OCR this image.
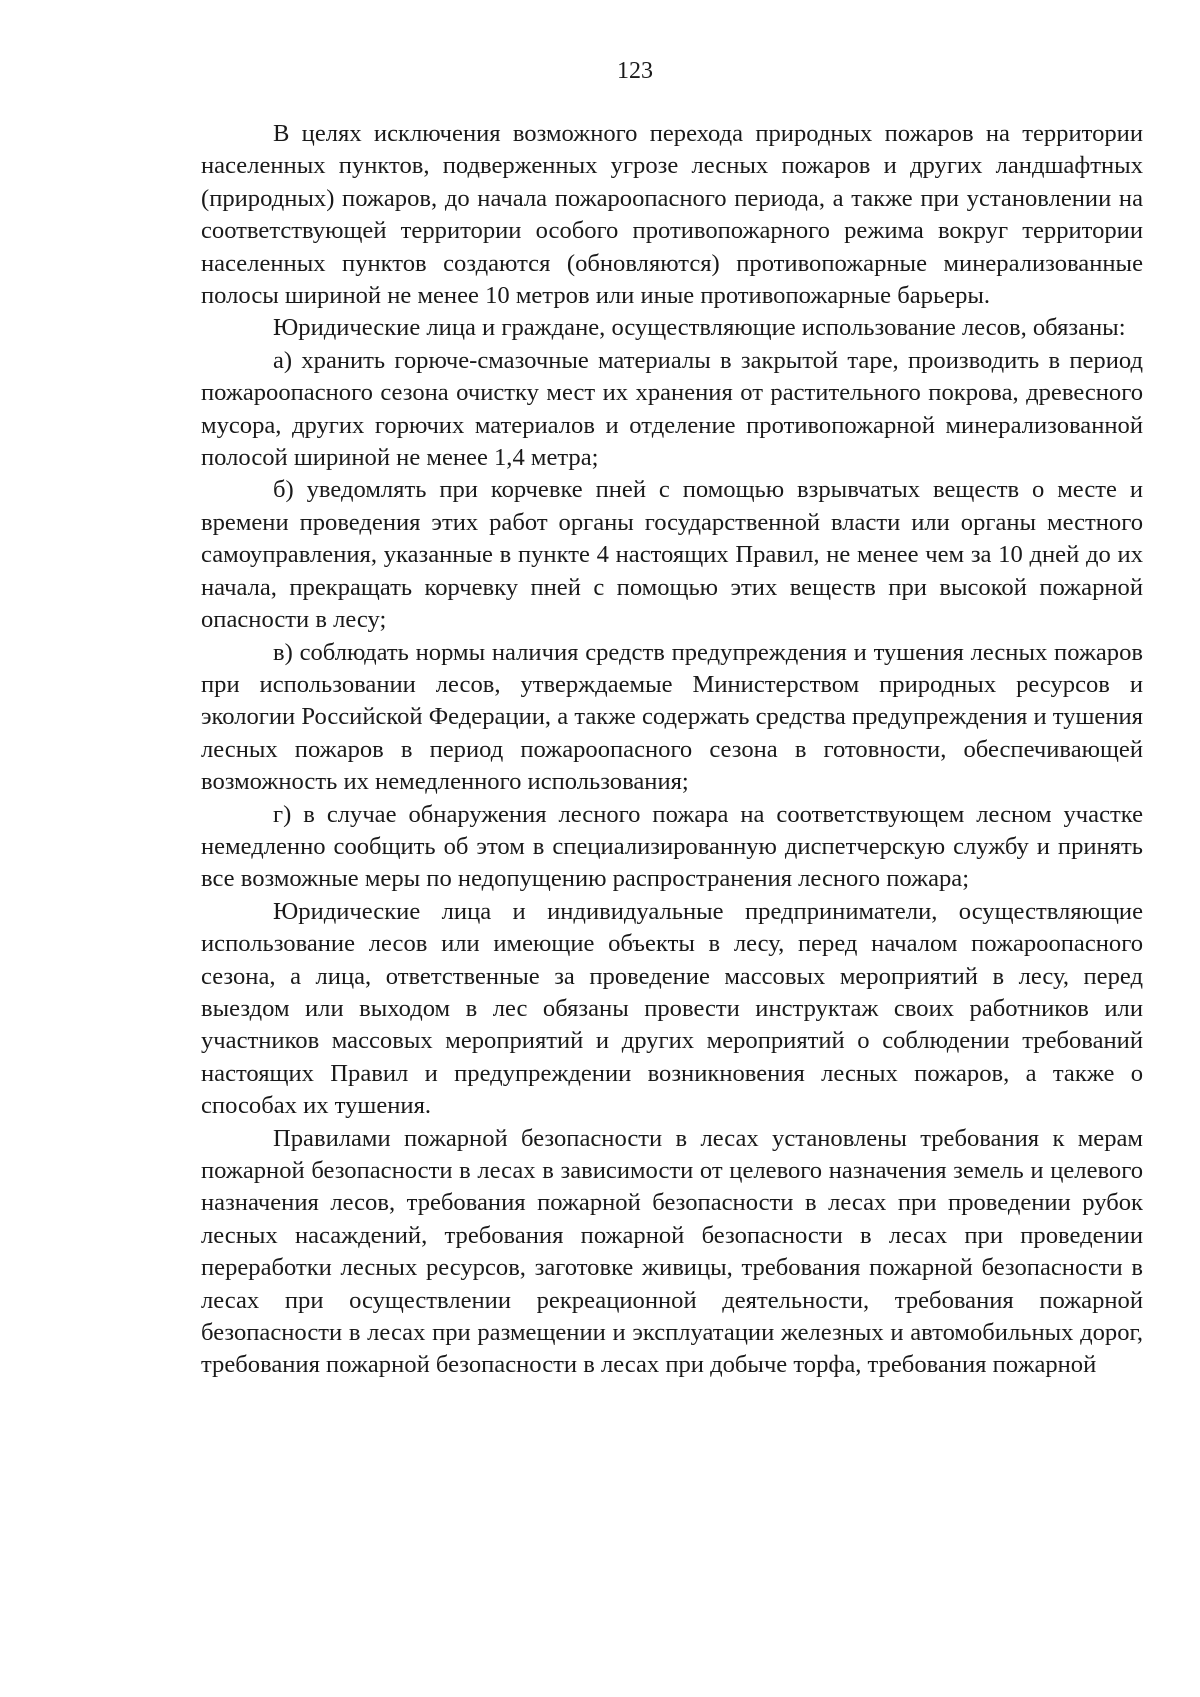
123

В целях исключения возможного перехода природных пожаров на территории населенных пунктов, подверженных угрозе лесных пожаров и других ландшафтных (природных) пожаров, до начала пожароопасного периода, а также при установлении на соответствующей территории особого противопожарного режима вокруг территории населенных пунктов создаются (обновляются) противопожарные минерализованные полосы шириной не менее 10 метров или иные противопожарные барьеры.

Юридические лица и граждане, осуществляющие использование лесов, обязаны:

а) хранить горюче-смазочные материалы в закрытой таре, производить в период пожароопасного сезона очистку мест их хранения от растительного покрова, древесного мусора, других горючих материалов и отделение противопожарной минерализованной полосой шириной не менее 1,4 метра;

б) уведомлять при корчевке пней с помощью взрывчатых веществ о месте и времени проведения этих работ органы государственной власти или органы местного самоуправления, указанные в пункте 4 настоящих Правил, не менее чем за 10 дней до их начала, прекращать корчевку пней с помощью этих веществ при высокой пожарной опасности в лесу;

в) соблюдать нормы наличия средств предупреждения и тушения лесных пожаров при использовании лесов, утверждаемые Министерством природных ресурсов и экологии Российской Федерации, а также содержать средства предупреждения и тушения лесных пожаров в период пожароопасного сезона в готовности, обеспечивающей возможность их немедленного использования;

г) в случае обнаружения лесного пожара на соответствующем лесном участке немедленно сообщить об этом в специализированную диспетчерскую службу и принять все возможные меры по недопущению распространения лесного пожара;

Юридические лица и индивидуальные предприниматели, осуществляющие использование лесов или имеющие объекты в лесу, перед началом пожароопасного сезона, а лица, ответственные за проведение массовых мероприятий в лесу, перед выездом или выходом в лес обязаны провести инструктаж своих работников или участников массовых мероприятий и других мероприятий о соблюдении требований настоящих Правил и предупреждении возникновения лесных пожаров, а также о способах их тушения.

Правилами пожарной безопасности в лесах установлены требования к мерам пожарной безопасности в лесах в зависимости от целевого назначения земель и целевого назначения лесов, требования пожарной безопасности в лесах при проведении рубок лесных насаждений, требования пожарной безопасности в лесах при проведении переработки лесных ресурсов, заготовке живицы, требования пожарной безопасности в лесах при осуществлении рекреационной деятельности, требования пожарной безопасности в лесах при размещении и эксплуатации железных и автомобильных дорог, требования пожарной безопасности в лесах при добыче торфа, требования пожарной
